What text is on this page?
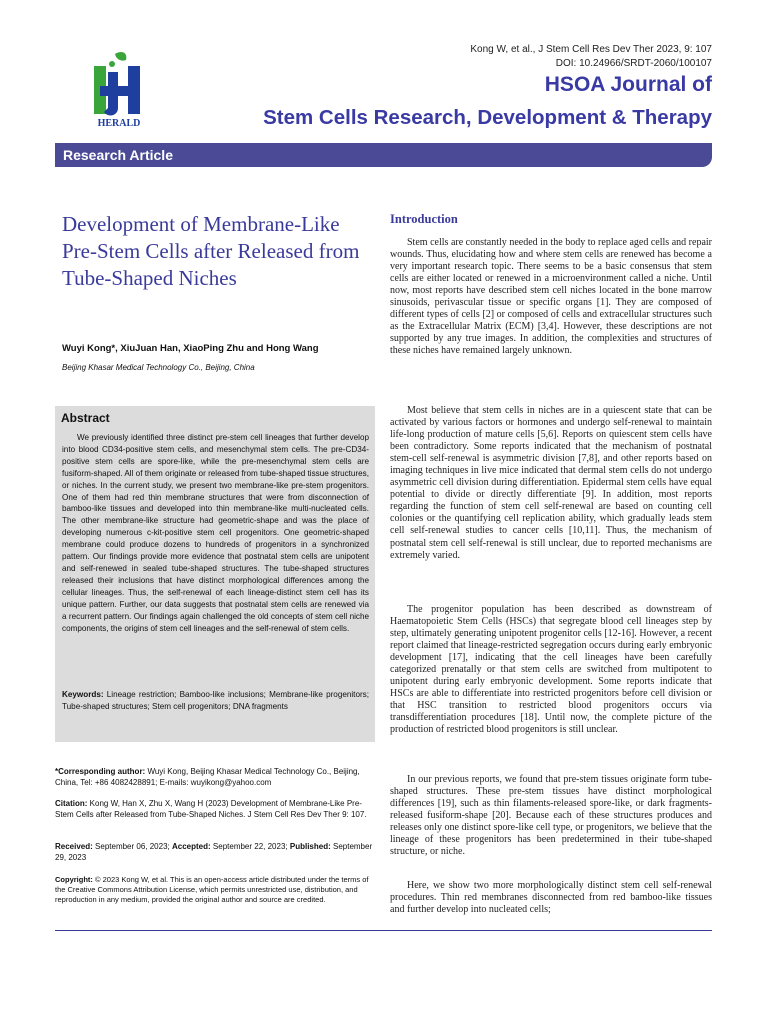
HERALD
Kong W, et al., J Stem Cell Res Dev Ther 2023, 9: 107
DOI: 10.24966/SRDT-2060/100107
HSOA Journal of
Stem Cells Research, Development & Therapy
Research Article
Development of Membrane-Like Pre-Stem Cells after Released from Tube-Shaped Niches
Wuyi Kong*, XiuJuan Han, XiaoPing Zhu and Hong Wang
Beijing Khasar Medical Technology Co., Beijing, China
Abstract

We previously identified three distinct pre-stem cell lineages that further develop into blood CD34-positive stem cells, and mesenchymal stem cells. The pre-CD34-positive stem cells are spore-like, while the pre-mesenchymal stem cells are fusiform-shaped. All of them originate or released from tube-shaped tissue structures, or niches. In the current study, we present two membrane-like pre-stem progenitors. One of them had red thin membrane structures that were from disconnection of bamboo-like tissues and developed into thin membrane-like multi-nucleated cells. The other membrane-like structure had geometric-shape and was the place of developing numerous c-kit-positive stem cell progenitors. One geometric-shaped membrane could produce dozens to hundreds of progenitors in a synchronized pattern. Our findings provide more evidence that postnatal stem cells are unipotent and self-renewed in sealed tube-shaped structures. The tube-shaped structures released their inclusions that have distinct morphological differences among the cellular lineages. Thus, the self-renewal of each lineage-distinct stem cell has its unique pattern. Further, our data suggests that postnatal stem cells are renewed via a recurrent pattern. Our findings again challenged the old concepts of stem cell niche components, the origins of stem cell lineages and the self-renewal of stem cells.

Keywords: Lineage restriction; Bamboo-like inclusions; Membrane-like progenitors; Tube-shaped structures; Stem cell progenitors; DNA fragments

*Corresponding author: Wuyi Kong, Beijing Khasar Medical Technology Co., Beijing, China, Tel: +86 4082428891; E-mails: wuyikong@yahoo.com

Citation: Kong W, Han X, Zhu X, Wang H (2023) Development of Membrane-Like Pre-Stem Cells after Released from Tube-Shaped Niches. J Stem Cell Res Dev Ther 9: 107.

Received: September 06, 2023; Accepted: September 22, 2023; Published: September 29, 2023

Copyright: © 2023 Kong W, et al. This is an open-access article distributed under the terms of the Creative Commons Attribution License, which permits unrestricted use, distribution, and reproduction in any medium, provided the original author and source are credited.

Introduction

Stem cells are constantly needed in the body to replace aged cells and repair wounds. Thus, elucidating how and where stem cells are renewed has become a very important research topic. There seems to be a basic consensus that stem cells are either located or renewed in a microenvironment called a niche. Until now, most reports have described stem cell niches located in the bone marrow sinusoids, perivascular tissue or specific organs [1]. They are composed of different types of cells [2] or composed of cells and extracellular structures such as the Extracellular Matrix (ECM) [3,4]. However, these descriptions are not supported by any true images. In addition, the complexities and structures of these niches have remained largely unknown.

Most believe that stem cells in niches are in a quiescent state that can be activated by various factors or hormones and undergo self-renewal to maintain life-long production of mature cells [5,6]. Reports on quiescent stem cells have been contradictory. Some reports indicated that the mechanism of postnatal stem-cell self-renewal is asymmetric division [7,8], and other reports based on imaging techniques in live mice indicated that dermal stem cells do not undergo asymmetric cell division during differentiation. Epidermal stem cells have equal potential to divide or directly differentiate [9]. In addition, most reports regarding the function of stem cell self-renewal are based on counting cell colonies or the quantifying cell replication ability, which gradually leads stem cell self-renewal studies to cancer cells [10,11]. Thus, the mechanism of postnatal stem cell self-renewal is still unclear, due to reported mechanisms are extremely varied.

The progenitor population has been described as downstream of Haematopoietic Stem Cells (HSCs) that segregate blood cell lineages step by step, ultimately generating unipotent progenitor cells [12-16]. However, a recent report claimed that lineage-restricted segregation occurs during early embryonic development [17], indicating that the cell lineages have been carefully categorized prenatally or that stem cells are switched from multipotent to unipotent during early embryonic development. Some reports indicate that HSCs are able to differentiate into restricted progenitors before cell division or that HSC transition to restricted blood progenitors occurs via transdifferentiation procedures [18]. Until now, the complete picture of the production of restricted blood progenitors is still unclear.

In our previous reports, we found that pre-stem tissues originate form tube-shaped structures. These pre-stem tissues have distinct morphological differences [19], such as thin filaments-released spore-like, or dark fragments-released fusiform-shape [20]. Because each of these structures produces and releases only one distinct spore-like cell type, or progenitors, we believe that the lineage of these progenitors has been predetermined in their tube-shaped structure, or niche.

Here, we show two more morphologically distinct stem cell self-renewal procedures. Thin red membranes disconnected from red bamboo-like tissues and further develop into nucleated cells;
